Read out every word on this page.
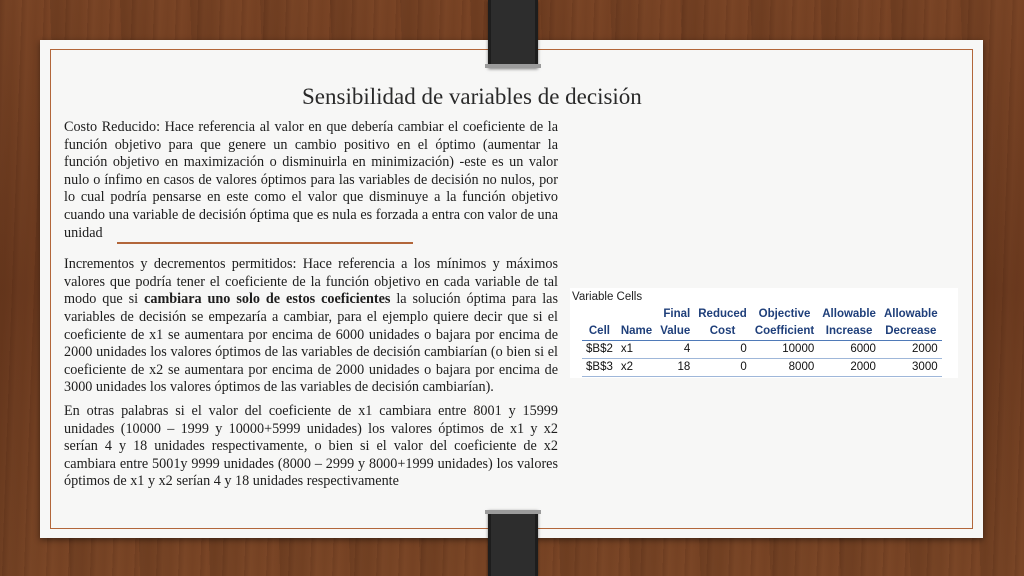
Sensibilidad de variables de decisión

Costo Reducido: Hace referencia al valor en que debería cambiar el coeficiente de la función objetivo para que genere un cambio positivo en el óptimo (aumentar la función objetivo en maximización o disminuirla en minimización) -este es un valor nulo o ínfimo en casos de valores óptimos para las variables de decisión no nulos, por lo cual podría pensarse en este como el valor que disminuye a la función objetivo cuando una variable de decisión óptima que es nula es forzada a entra con valor de una unidad

Incrementos y decrementos permitidos: Hace referencia a los mínimos y máximos valores que podría tener el coeficiente de la función objetivo en cada variable de tal modo que si cambiara uno solo de estos coeficientes la solución óptima para las variables de decisión se empezaría a cambiar, para el ejemplo quiere decir que si el coeficiente de x1 se aumentara por encima de 6000 unidades o bajara por encima de 2000 unidades los valores óptimos de las variables de decisión cambiarían (o bien si el coeficiente de x2 se aumentara por encima de 2000 unidades o bajara por encima de 3000 unidades los valores óptimos de las variables de decisión cambiarían).

En otras palabras si el valor del coeficiente de x1 cambiara entre 8001 y 15999 unidades (10000 – 1999 y 10000+5999 unidades) los valores óptimos de x1 y x2 serían 4 y 18 unidades respectivamente, o bien si el valor del coeficiente de x2 cambiara entre 5001y 9999 unidades (8000 – 2999 y 8000+1999 unidades) los valores óptimos de x1 y x2 serían 4 y 18 unidades respectivamente

Variable Cells
		Final	Reduced	Objective	Allowable	Allowable
Cell	Name	Value	Cost	Coefficient	Increase	Decrease
$B$2	x1	4	0	10000	6000	2000
$B$3	x2	18	0	8000	2000	3000
